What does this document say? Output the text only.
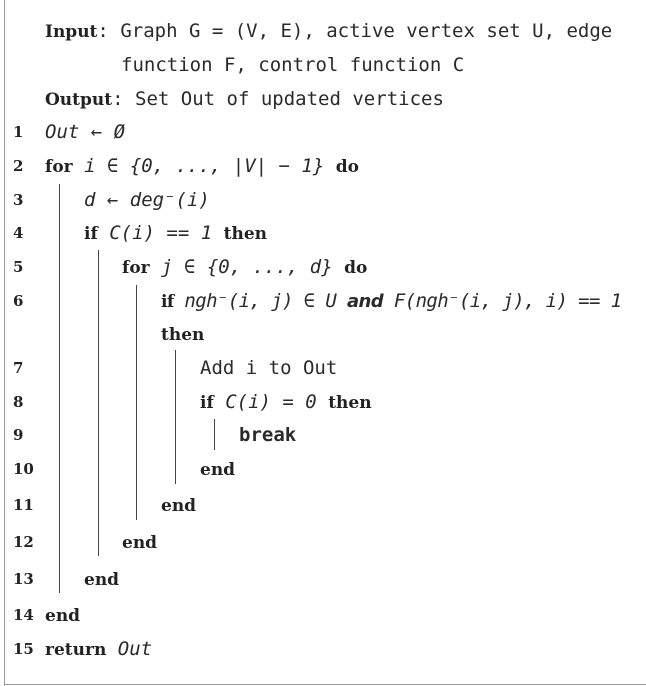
Input: Graph G = (V, E), active vertex set U, edge
function F, control function C
Output: Set Out of updated vertices
1	Out ← Ø
2	for i ∈ {0, ..., |V| − 1} do
3	d ← deg⁻(i)
4	if C(i) == 1 then
5	for j ∈ {0, ..., d} do
6	if ngh⁻(i, j) ∈ U and F(ngh⁻(i, j), i) == 1
then
7	Add i to Out
8	if C(i) = 0 then
9	break
10	end
11	end
12	end
13	end
14 end
15 return Out
